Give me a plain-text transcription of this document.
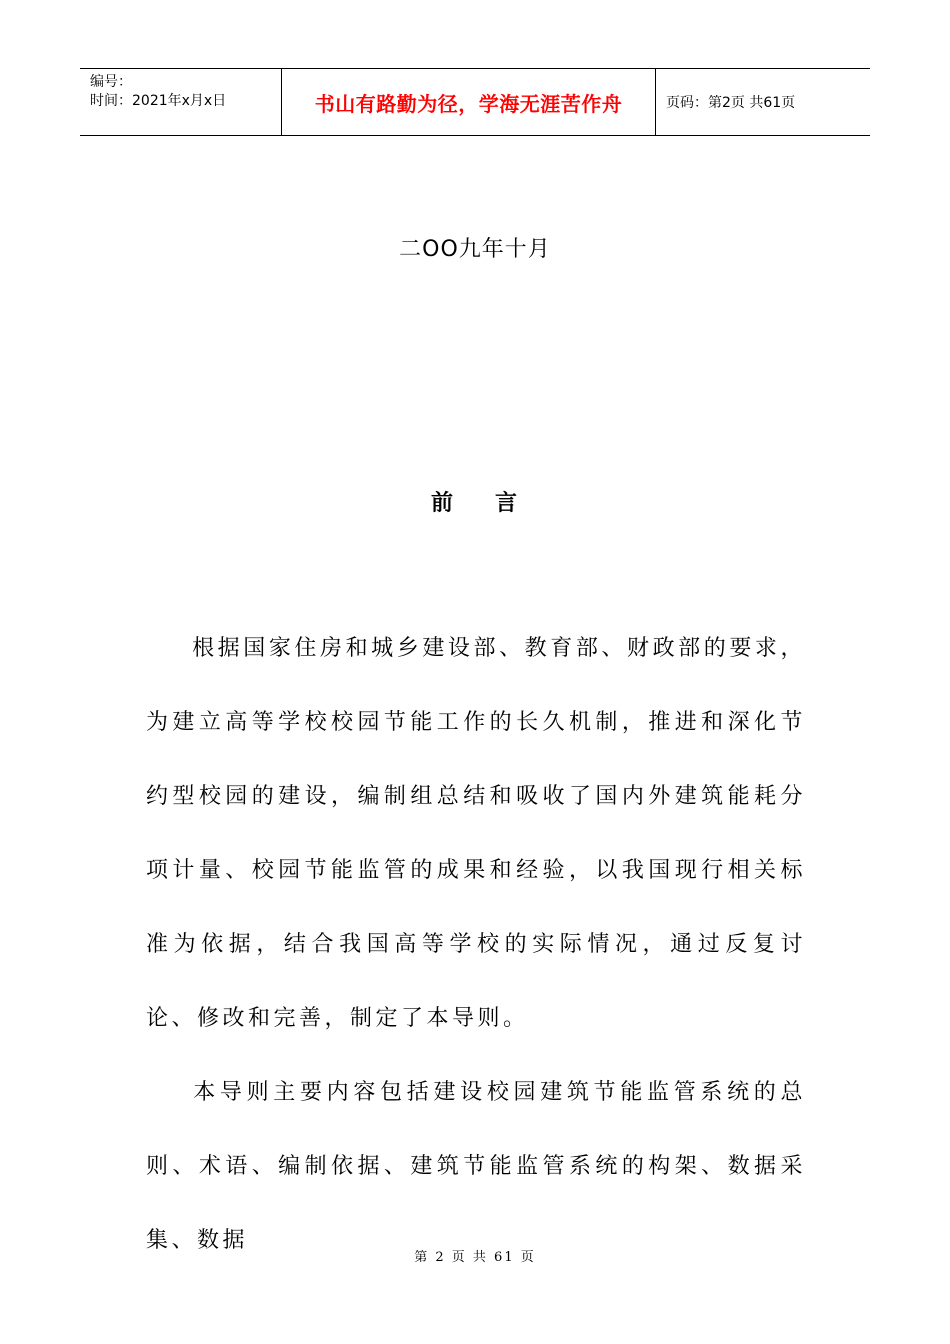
编号：
时间：2021年x月x日	书山有路勤为径，学海无涯苦作舟	页码：第2页 共61页
二OO九年十月
前 言

根据国家住房和城乡建设部、教育部、财政部的要求，为建立高等学校校园节能工作的长久机制，推进和深化节约型校园的建设，编制组总结和吸收了国内外建筑能耗分项计量、校园节能监管的成果和经验，以我国现行相关标准为依据，结合我国高等学校的实际情况，通过反复讨论、修改和完善，制定了本导则。

本导则主要内容包括建设校园建筑节能监管系统的总则、术语、编制依据、建筑节能监管系统的构架、数据采集、数据

第 2 页 共 61 页
